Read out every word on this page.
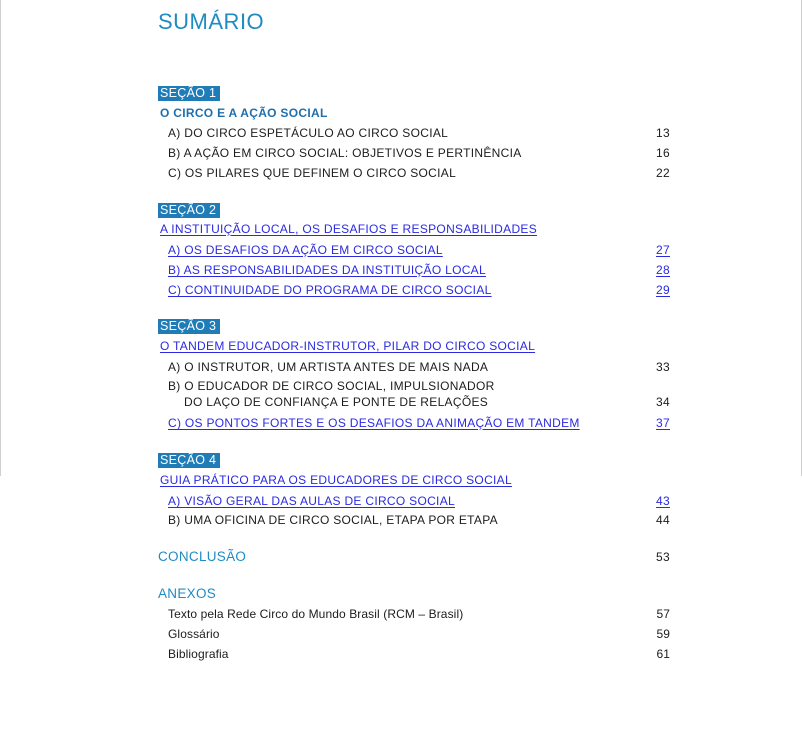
SUMÁRIO
SEÇÃO 1
O CIRCO E A AÇÃO SOCIAL
A) DO CIRCO ESPETÁCULO AO CIRCO SOCIAL	13
B) A AÇÃO EM CIRCO SOCIAL: OBJETIVOS E PERTINÊNCIA	16
C) OS PILARES QUE DEFINEM O CIRCO SOCIAL	22
SEÇÃO 2
A INSTITUIÇÃO LOCAL, OS DESAFIOS E RESPONSABILIDADES
A) OS DESAFIOS DA AÇÃO EM CIRCO SOCIAL	27
B) AS RESPONSABILIDADES DA INSTITUIÇÃO LOCAL	28
C) CONTINUIDADE DO PROGRAMA DE CIRCO SOCIAL	29
SEÇÃO 3
O TANDEM EDUCADOR-INSTRUTOR, PILAR DO CIRCO SOCIAL
A) O INSTRUTOR, UM ARTISTA ANTES DE MAIS NADA	33
B) O EDUCADOR DE CIRCO SOCIAL, IMPULSIONADOR
DO LAÇO DE CONFIANÇA E PONTE DE RELAÇÕES	34
C) OS PONTOS FORTES E OS DESAFIOS DA ANIMAÇÃO EM TANDEM	37
SEÇÃO 4
GUIA PRÁTICO PARA OS EDUCADORES DE CIRCO SOCIAL
A) VISÃO GERAL DAS AULAS DE CIRCO SOCIAL	43
B) UMA OFICINA DE CIRCO SOCIAL, ETAPA POR ETAPA	44
CONCLUSÃO	53
ANEXOS
Texto pela Rede Circo do Mundo Brasil (RCM – Brasil)	57
Glossário	59
Bibliografia	61
